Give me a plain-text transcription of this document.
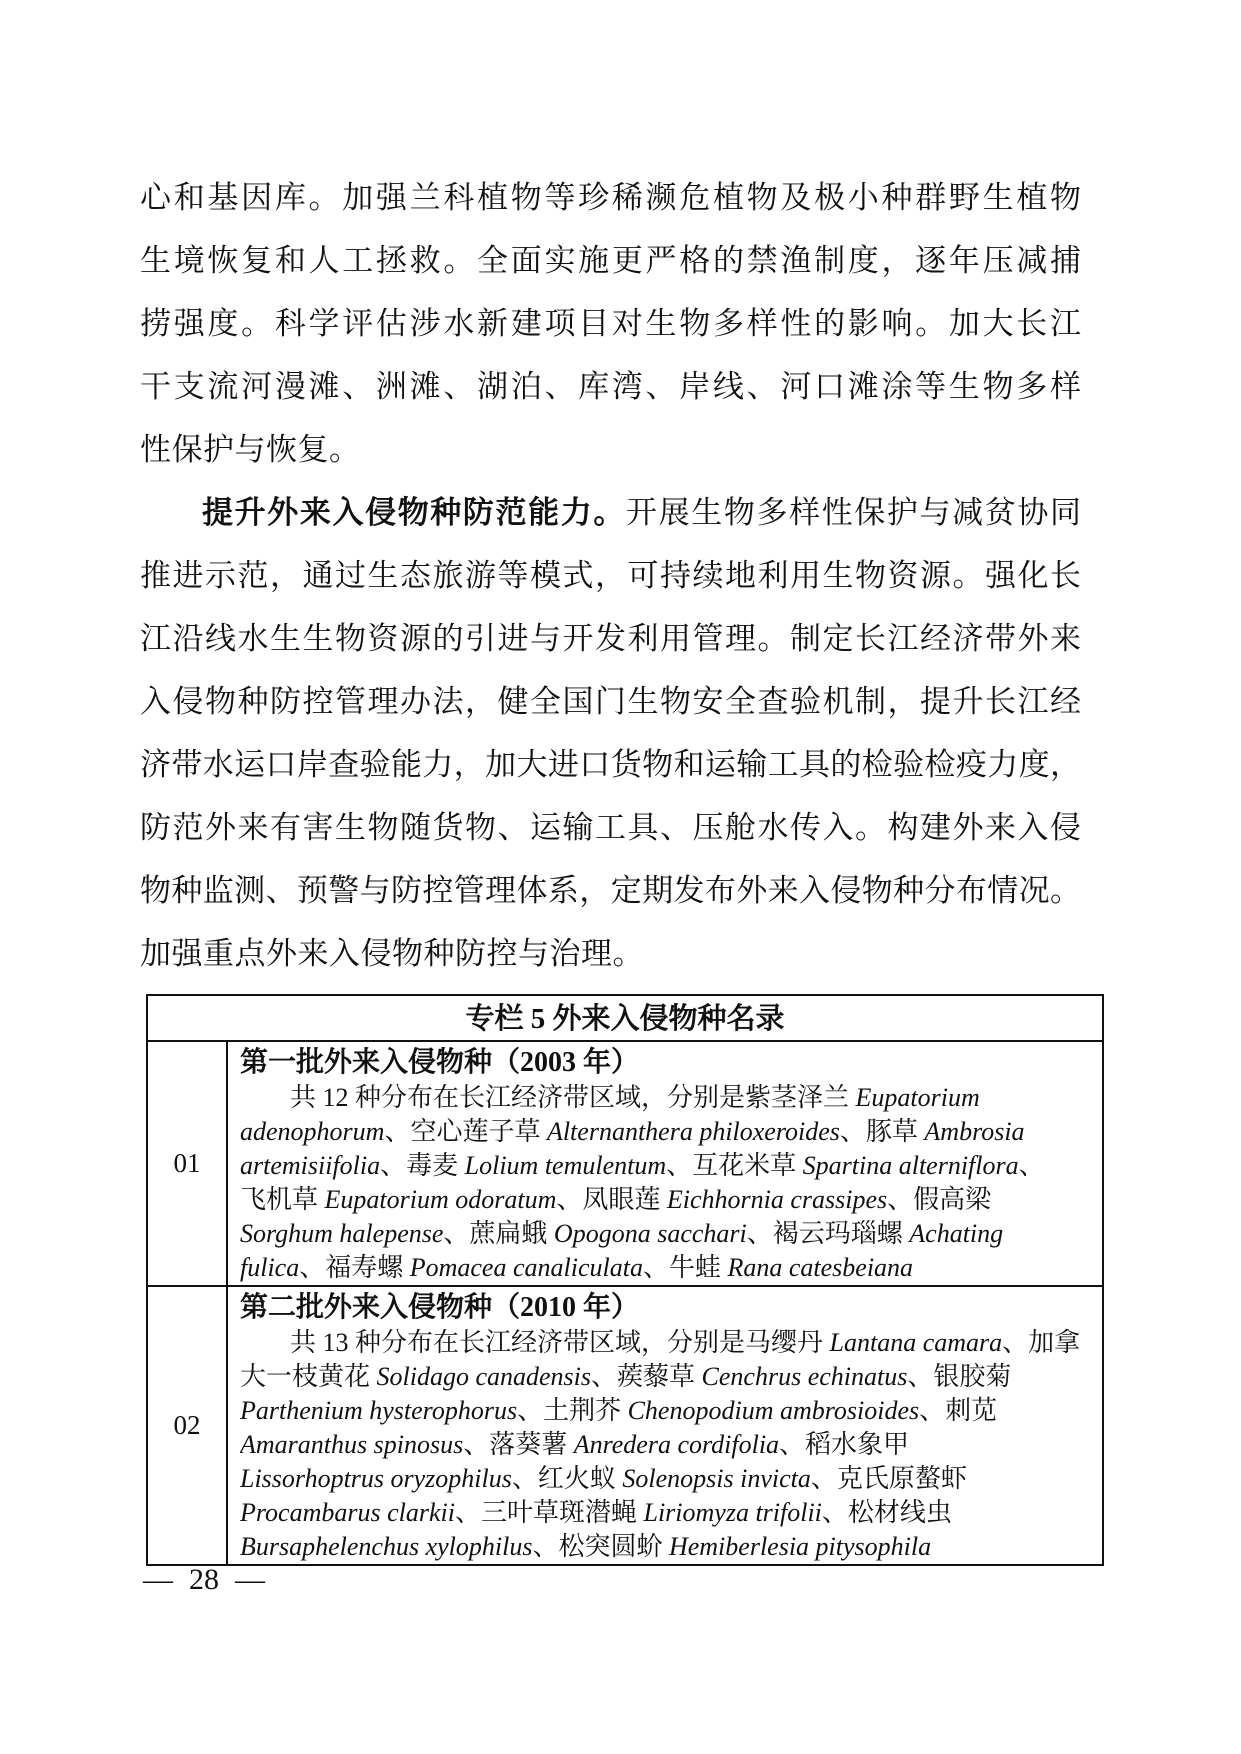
心和基因库。加强兰科植物等珍稀濒危植物及极小种群野生植物
生境恢复和人工拯救。全面实施更严格的禁渔制度，逐年压减捕
捞强度。科学评估涉水新建项目对生物多样性的影响。加大长江
干支流河漫滩、洲滩、湖泊、库湾、岸线、河口滩涂等生物多样
性保护与恢复。
提升外来入侵物种防范能力。开展生物多样性保护与减贫协同
推进示范，通过生态旅游等模式，可持续地利用生物资源。强化长
江沿线水生生物资源的引进与开发利用管理。制定长江经济带外来
入侵物种防控管理办法，健全国门生物安全查验机制，提升长江经
济带水运口岸查验能力，加大进口货物和运输工具的检验检疫力度，
防范外来有害生物随货物、运输工具、压舱水传入。构建外来入侵
物种监测、预警与防控管理体系，定期发布外来入侵物种分布情况。
加强重点外来入侵物种防控与治理。
专栏 5 外来入侵物种名录
01
第一批外来入侵物种（2003 年）
共 12 种分布在长江经济带区域，分别是紫茎泽兰 Eupatorium
adenophorum、空心莲子草 Alternanthera philoxeroides、豚草 Ambrosia
artemisiifolia、毒麦 Lolium temulentum、互花米草 Spartina alterniflora、
飞机草 Eupatorium odoratum、凤眼莲 Eichhornia crassipes、假高梁
Sorghum halepense、蔗扁蛾 Opogona sacchari、褐云玛瑙螺 Achating
fulica、福寿螺 Pomacea canaliculata、牛蛙 Rana catesbeiana
02
第二批外来入侵物种（2010 年）
共 13 种分布在长江经济带区域，分别是马缨丹 Lantana camara、加拿
大一枝黄花 Solidago canadensis、蒺藜草 Cenchrus echinatus、银胶菊
Parthenium hysterophorus、土荆芥 Chenopodium ambrosioides、刺苋
Amaranthus spinosus、落葵薯 Anredera cordifolia、稻水象甲
Lissorhoptrus oryzophilus、红火蚁 Solenopsis invicta、克氏原螯虾
Procambarus clarkii、三叶草斑潜蝇 Liriomyza trifolii、松材线虫
Bursaphelenchus xylophilus、松突圆蚧 Hemiberlesia pitysophila
— 28 —
